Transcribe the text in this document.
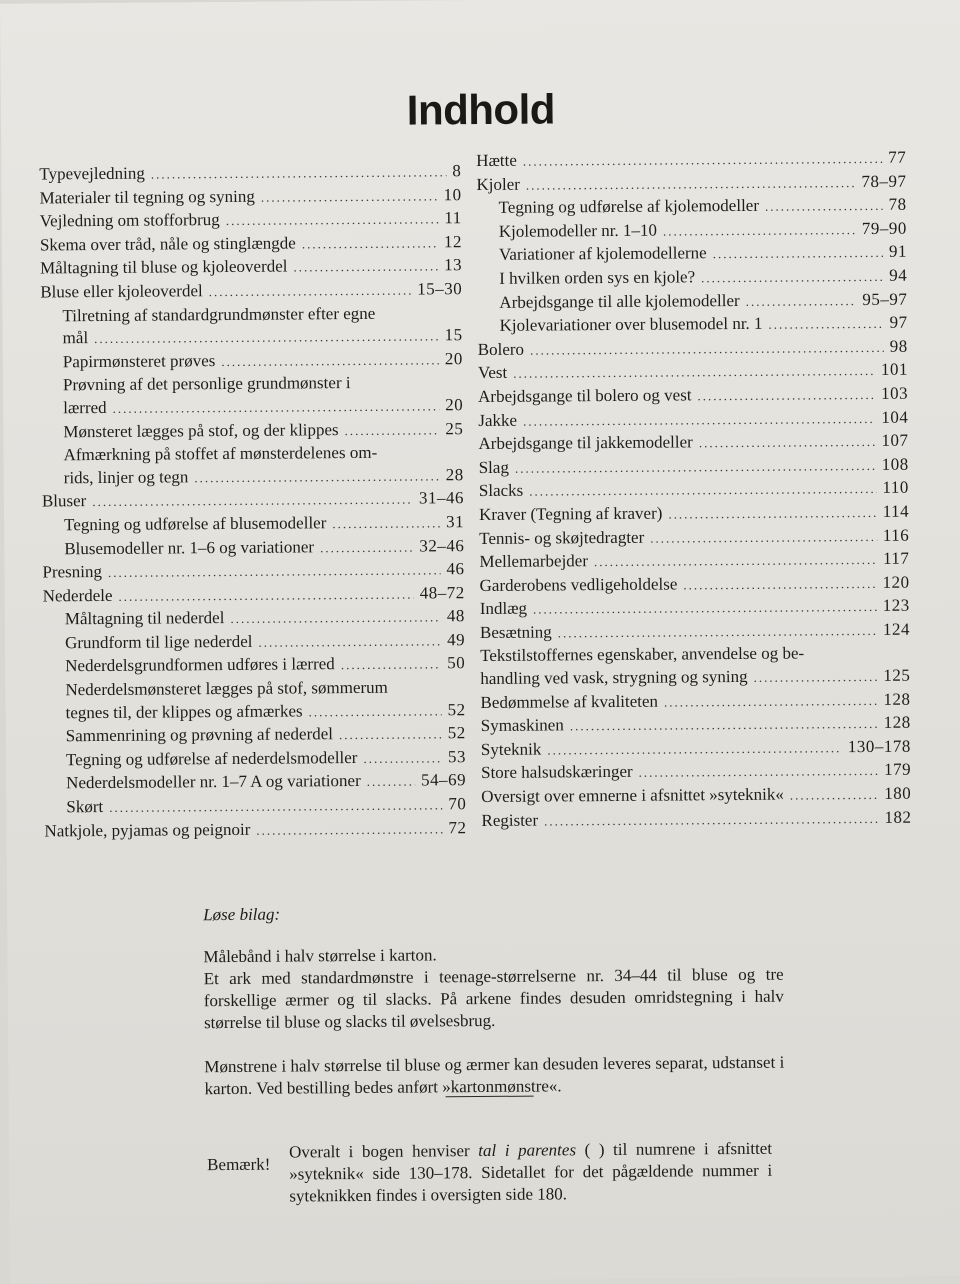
Indhold
Typevejledning .....	8
Materialer til tegning og syning .....	10
Vejledning om stofforbrug .....	11
Skema over tråd, nåle og stinglængde .....	12
Måltagning til bluse og kjoleoverdel .....	13
Bluse eller kjoleoverdel .....	15–30
Tilretning af standardgrundmønster efter egne
mål .....	15
Papirmønsteret prøves .....	20
Prøvning af det personlige grundmønster i
lærred .....	20
Mønsteret lægges på stof, og der klippes .....	25
Afmærkning på stoffet af mønsterdelenes om-
rids, linjer og tegn .....	28
Bluser .....	31–46
Tegning og udførelse af blusemodeller .....	31
Blusemodeller nr. 1–6 og variationer .....	32–46
Presning .....	46
Nederdele .....	48–72
Måltagning til nederdel .....	48
Grundform til lige nederdel .....	49
Nederdelsgrundformen udføres i lærred .....	50
Nederdelsmønsteret lægges på stof, sømmerum
tegnes til, der klippes og afmærkes .....	52
Sammenrining og prøvning af nederdel .....	52
Tegning og udførelse af nederdelsmodeller .....	53
Nederdelsmodeller nr. 1–7 A og variationer .....	54–69
Skørt .....	70
Natkjole, pyjamas og peignoir .....	72
Hætte .....	77
Kjoler .....	78–97
Tegning og udførelse af kjolemodeller .....	78
Kjolemodeller nr. 1–10 .....	79–90
Variationer af kjolemodellerne .....	91
I hvilken orden sys en kjole? .....	94
Arbejdsgange til alle kjolemodeller .....	95–97
Kjolevariationer over blusemodel nr. 1 .....	97
Bolero .....	98
Vest .....	101
Arbejdsgange til bolero og vest .....	103
Jakke .....	104
Arbejdsgange til jakkemodeller .....	107
Slag .....	108
Slacks .....	110
Kraver (Tegning af kraver) .....	114
Tennis- og skøjtedragter .....	116
Mellemarbejder .....	117
Garderobens vedligeholdelse .....	120
Indlæg .....	123
Besætning .....	124
Tekstilstoffernes egenskaber, anvendelse og be-
handling ved vask, strygning og syning .....	125
Bedømmelse af kvaliteten .....	128
Symaskinen .....	128
Syteknik .....	130–178
Store halsudskæringer .....	179
Oversigt over emnerne i afsnittet »syteknik« .....	180
Register .....	182
Løse bilag:

Målebånd i halv størrelse i karton.
Et ark med standardmønstre i teenage-størrelserne nr. 34–44 til bluse og tre forskellige ærmer og til slacks. På arkene findes desuden omridstegning i halv størrelse til bluse og slacks til øvelsesbrug.

Mønstrene i halv størrelse til bluse og ærmer kan desuden leveres separat, udstanset i karton. Ved bestilling bedes anført »kartonmønstre«.

Bemærk!
Overalt i bogen henviser tal i parentes ( ) til numrene i afsnittet »syteknik« side 130–178. Sidetallet for det pågældende nummer i syteknikken findes i oversigten side 180.
